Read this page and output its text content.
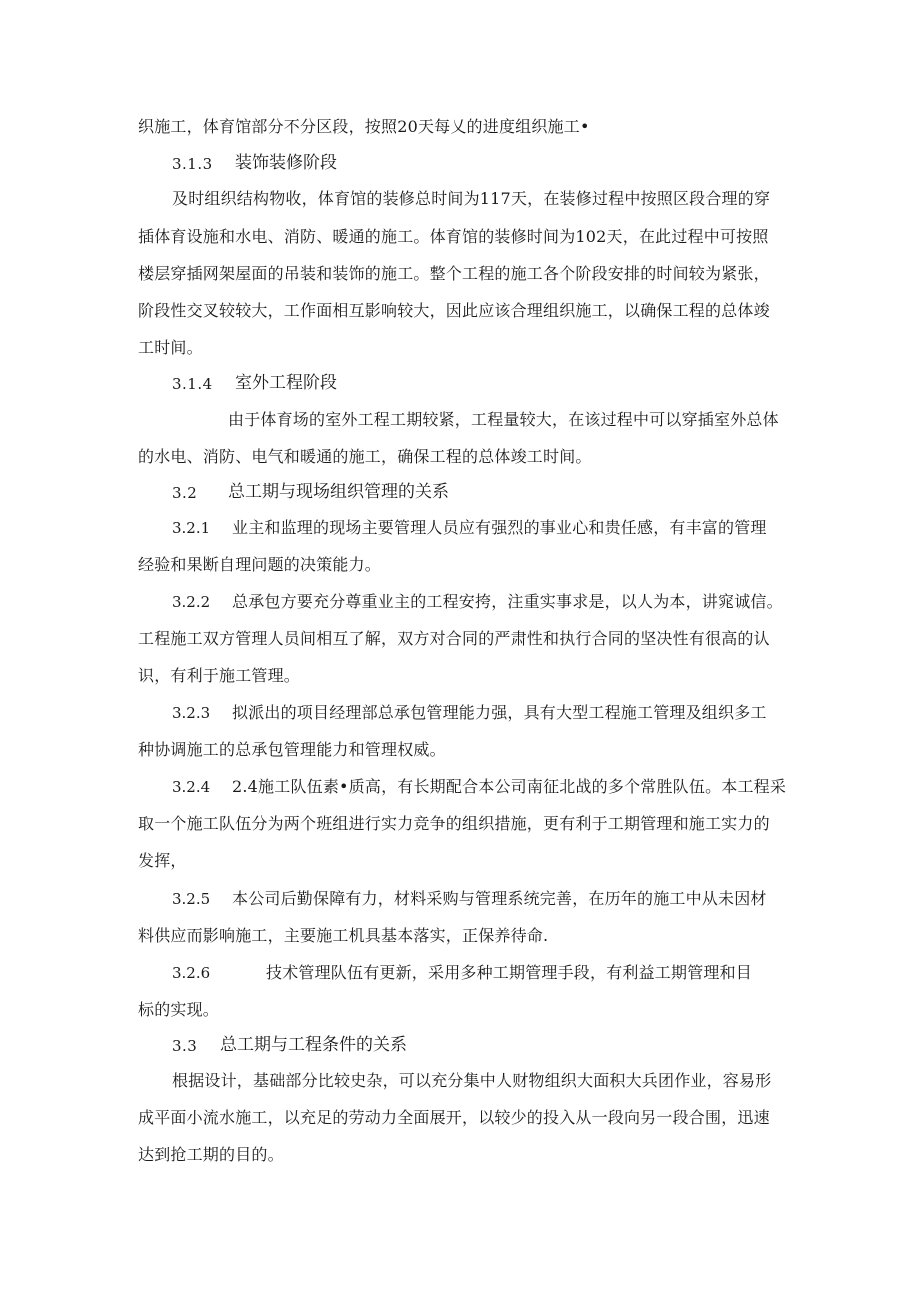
织施工，体育馆部分不分区段，按照20天每乂的进度组织施工•
3.1.3 装饰装修阶段
及时组织结构物收，体育馆的装修总时间为117天，在装修过程中按照区段合理的穿
插体育设施和水电、消防、暖通的施工。体育馆的装修时间为102天，在此过程中可按照
楼层穿插网架屋面的吊装和装饰的施工。整个工程的施工各个阶段安排的时间较为紧张，
阶段性交叉较较大，工作面相互影响较大，因此应该合理组织施工，以确保工程的总体竣
工时间。
3.1.4 室外工程阶段
由于体育场的室外工程工期较紧，工程量较大，在该过程中可以穿插室外总体
的水电、消防、电气和暖通的施工，确保工程的总体竣工时间。
3.2 总工期与现场组织管理的关系
3.2.1 业主和监理的现场主要管理人员应有强烈的事业心和贵任感，有丰富的管理
经验和果断自理问题的决策能力。
3.2.2 总承包方要充分尊重业主的工程安挎，注重实事求是，以人为本，讲窕诚信。
工程施工双方管理人员间相互了解，双方对合同的严肃性和执行合同的坚决性有很高的认
识，有利于施工管理。
3.2.3 拟派出的项目经理部总承包管理能力强，具有大型工程施工管理及组织多工
种协调施工的总承包管理能力和管理权威。
3.2.4 2.4施工队伍素•质高，有长期配合本公司南征北战的多个常胜队伍。本工程采
取一个施工队伍分为两个班组进行实力竞争的组织措施，更有利于工期管理和施工实力的
发挥，
3.2.5 本公司后勤保障有力，材料采购与管理系统完善，在历年的施工中从未因材
料供应而影响施工，主要施工机具基本落实，正保养待命.
3.2.6	技术管理队伍有更新，采用多种工期管理手段，有利益工期管理和目
标的实现。
3.3 总工期与工程条件的关系
根据设计，基础部分比较史杂，可以充分集中人财物组织大面积大兵团作业，容易形
成平面小流水施工，以充足的劳动力全面展开，以较少的投入从一段向另一段合围，迅速
达到抢工期的目的。
